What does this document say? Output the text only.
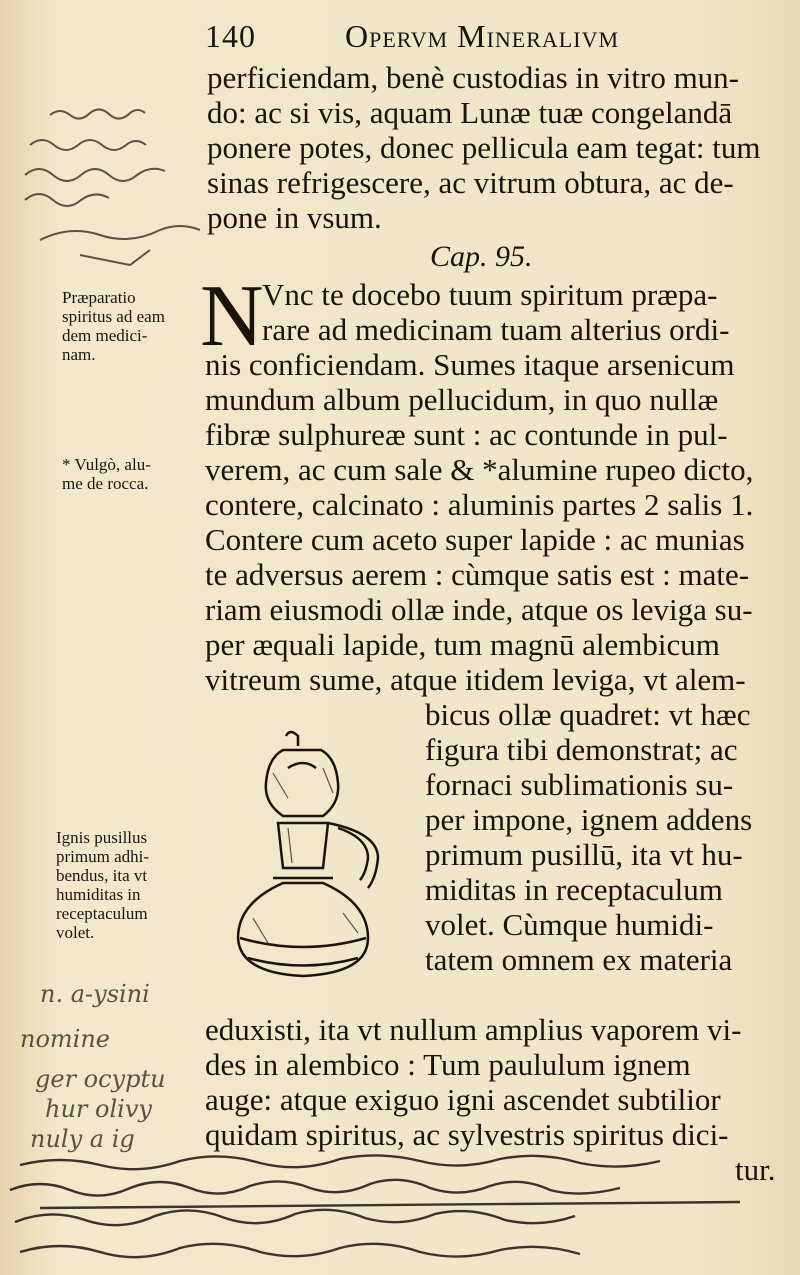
140	Opervm Mineralivm
perficiendam, benè custodias in vitro mun-
do: ac si vis, aquam Lunæ tuæ congelandā
ponere potes, donec pellicula eam tegat: tum
sinas refrigescere, ac vitrum obtura, ac de-
pone in vsum.
Cap. 95.
N
Vnc te docebo tuum spiritum præpa-
rare ad medicinam tuam alterius ordi-
nis conficiendam. Sumes itaque arsenicum
mundum album pellucidum, in quo nullæ
fibræ sulphureæ sunt : ac contunde in pul-
verem, ac cum sale & *alumine rupeo dicto,
contere, calcinato : aluminis partes 2 salis 1.
Contere cum aceto super lapide : ac munias
te adversus aerem : cùmque satis est : mate-
riam eiusmodi ollæ inde, atque os leviga su-
per æquali lapide, tum magnū alembicum
vitreum sume, atque itidem leviga, vt alem-
bicus ollæ quadret: vt hæc
figura tibi demonstrat; ac
fornaci sublimationis su-
per impone, ignem addens
primum pusillū, ita vt hu-
miditas in receptaculum
volet. Cùmque humidi-
tatem omnem ex materia
eduxisti, ita vt nullum amplius vaporem vi-
des in alembico : Tum paululum ignem
auge: atque exiguo igni ascendet subtilior
quidam spiritus, ac sylvestris spiritus dici-
tur.
Præparatio
spiritus ad eam
dem medici-
nam.
* Vulgò, alu-
me de rocca.
Ignis pusillus
primum adhi-
bendus, ita vt
humiditas in
receptaculum
volet.
n. a-ysini
nomine
ger ocyptu
hur olivy
nuly a ig
